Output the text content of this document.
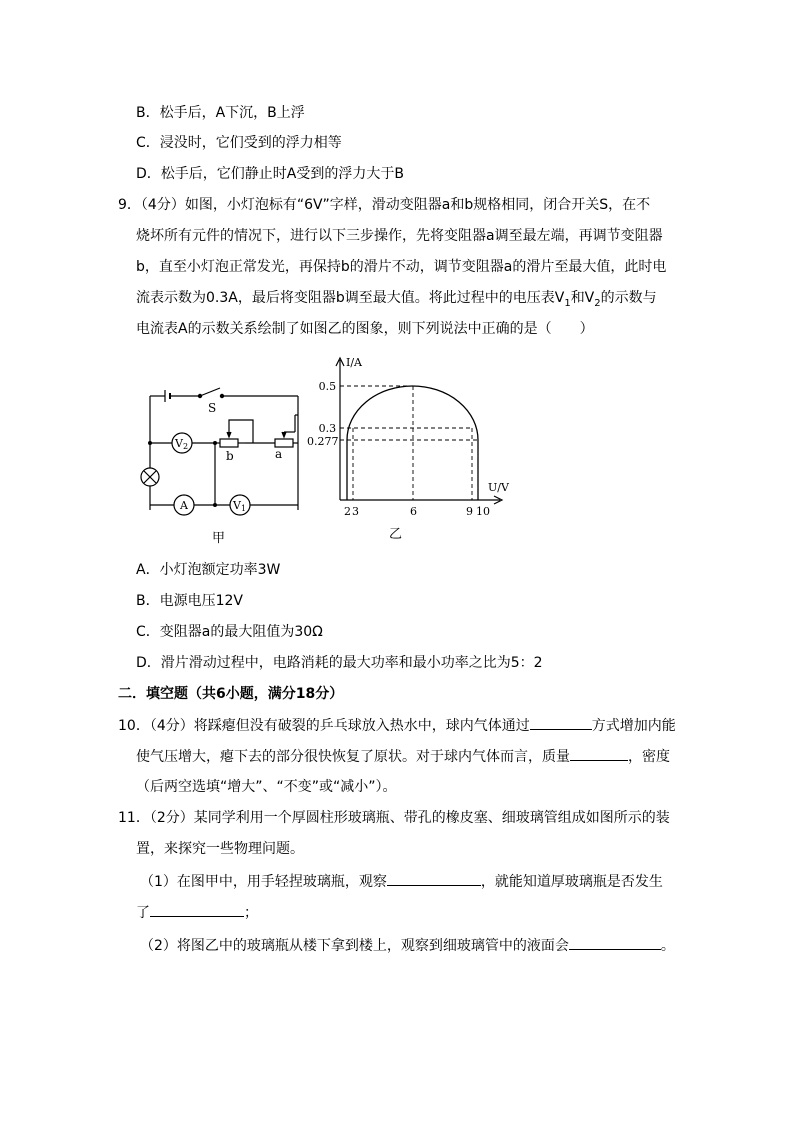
B．松手后，A下沉，B上浮
C．浸没时，它们受到的浮力相等
D．松手后，它们静止时A受到的浮力大于B
9．（4分）如图，小灯泡标有“6V”字样，滑动变阻器a和b规格相同，闭合开关S，在不
烧坏所有元件的情况下，进行以下三步操作，先将变阻器a调至最左端，再调节变阻器
b，直至小灯泡正常发光，再保持b的滑片不动，调节变阻器a的滑片至最大值，此时电
流表示数为0.3A，最后将变阻器b调至最大值。将此过程中的电压表$V_1$和$V_2$的示数与
电流表A的示数关系绘制了如图乙的图象，则下列说法中正确的是（　　）
V2
A	V1
S
b	a
甲
I/A
U/V
2 3	6	9 10
0.5
0.3
0.277
乙
A．小灯泡额定功率3W
B．电源电压12V
C．变阻器a的最大阻值为30Ω
D．滑片滑动过程中，电路消耗的最大功率和最小功率之比为5：2
二．填空题（共6小题，满分18分）
10．（4分）将踩瘪但没有破裂的乒乓球放入热水中，球内气体通过	方式增加内能
使气压增大，瘪下去的部分很快恢复了原状。对于球内气体而言，质量	，密度
（后两空选填“增大”、“不变”或“减小”）。
11．（2分）某同学利用一个厚圆柱形玻璃瓶、带孔的橡皮塞、细玻璃管组成如图所示的装
置，来探究一些物理问题。
（1）在图甲中，用手轻捏玻璃瓶，观察	，就能知道厚玻璃瓶是否发生
了	；
（2）将图乙中的玻璃瓶从楼下拿到楼上，观察到细玻璃管中的液面会	。
